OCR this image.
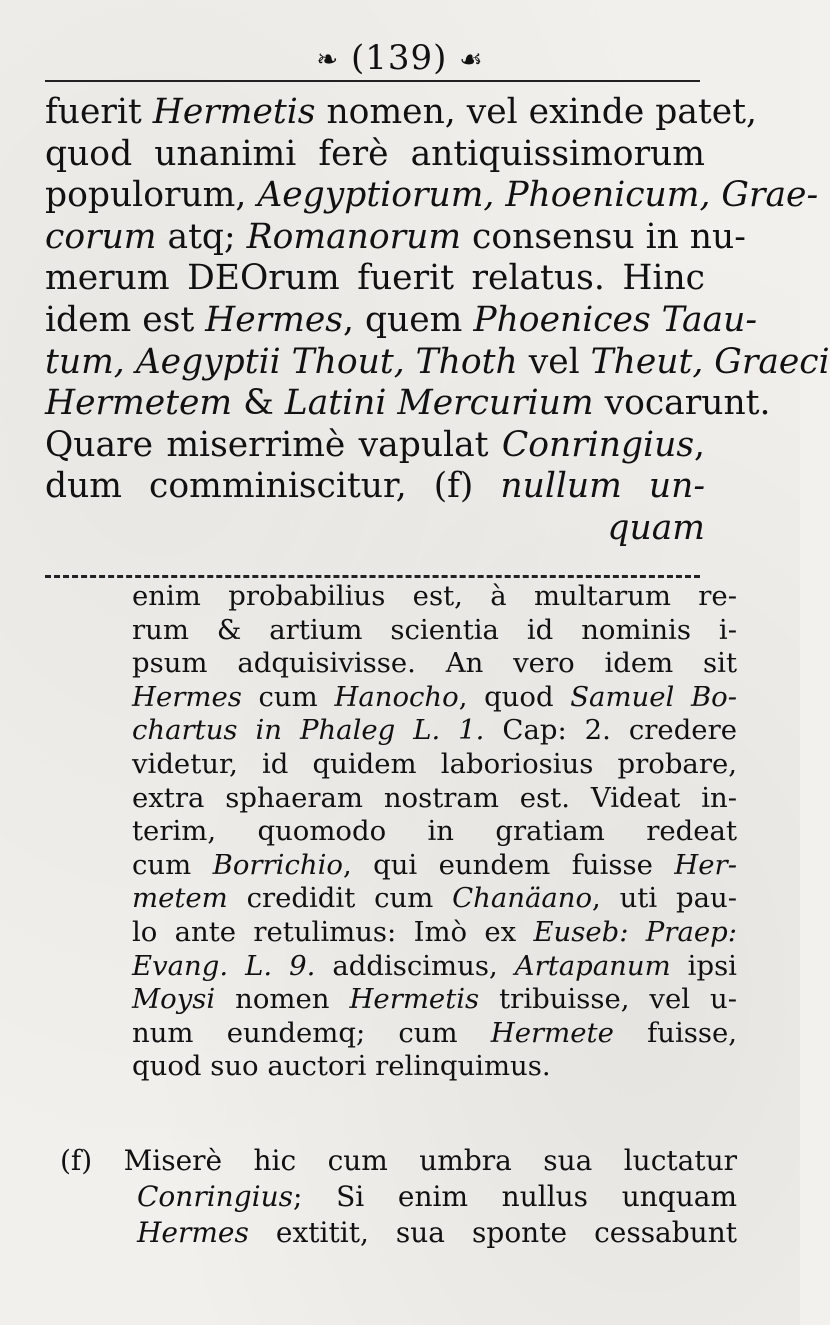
❧ (139) ☙
fuerit Hermetis nomen, vel exinde patet,
quod unanimi ferè antiquissimorum
populorum, Aegyptiorum, Phoenicum, Grae-
corum atq; Romanorum consensu in nu-
merum DEOrum fuerit relatus. Hinc
idem est Hermes, quem Phoenices Taau-
tum, Aegyptii Thout, Thoth vel Theut, Graeci
Hermetem & Latini Mercurium vocarunt.
Quare miserrimè vapulat Conringius,
dum comminiscitur, (f) nullum un-
quam
enim probabilius est, à multarum re-
rum & artium scientia id nominis i-
psum adquisivisse. An vero idem sit
Hermes cum Hanocho, quod Samuel Bo-
chartus in Phaleg L. 1. Cap: 2. credere
videtur, id quidem laboriosius probare,
extra sphaeram nostram est. Videat in-
terim, quomodo in gratiam redeat
cum Borrichio, qui eundem fuisse Her-
metem credidit cum Chanäano, uti pau-
lo ante retulimus: Imò ex Euseb: Praep:
Evang. L. 9. addiscimus, Artapanum ipsi
Moysi nomen Hermetis tribuisse, vel u-
num eundemq; cum Hermete fuisse,
quod suo auctori relinquimus.
(f) Miserè hic cum umbra sua luctatur
Conringius; Si enim nullus unquam
Hermes extitit, sua sponte cessabunt
